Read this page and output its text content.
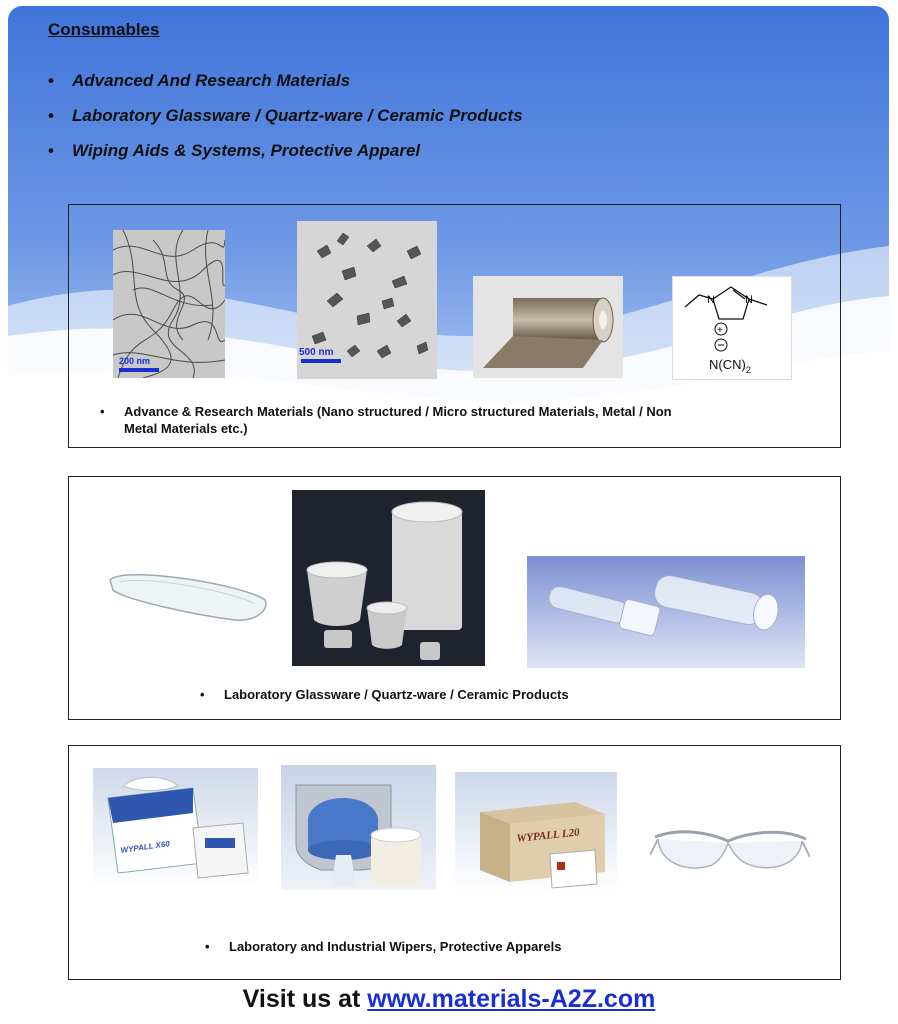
Consumables
• Advanced And Research Materials
• Laboratory Glassware / Quartz-ware / Ceramic Products
• Wiping Aids & Systems, Protective Apparel
200 nm
500 nm
N	N
+
$N(CN)_2$
• Advance & Research Materials (Nano structured / Micro structured Materials, Metal / Non
Metal Materials etc.)
• Laboratory Glassware / Quartz-ware / Ceramic Products
WYPALL X60
WYPALL L20
• Laboratory and Industrial Wipers, Protective Apparels
Visit us at www.materials-A2Z.com
